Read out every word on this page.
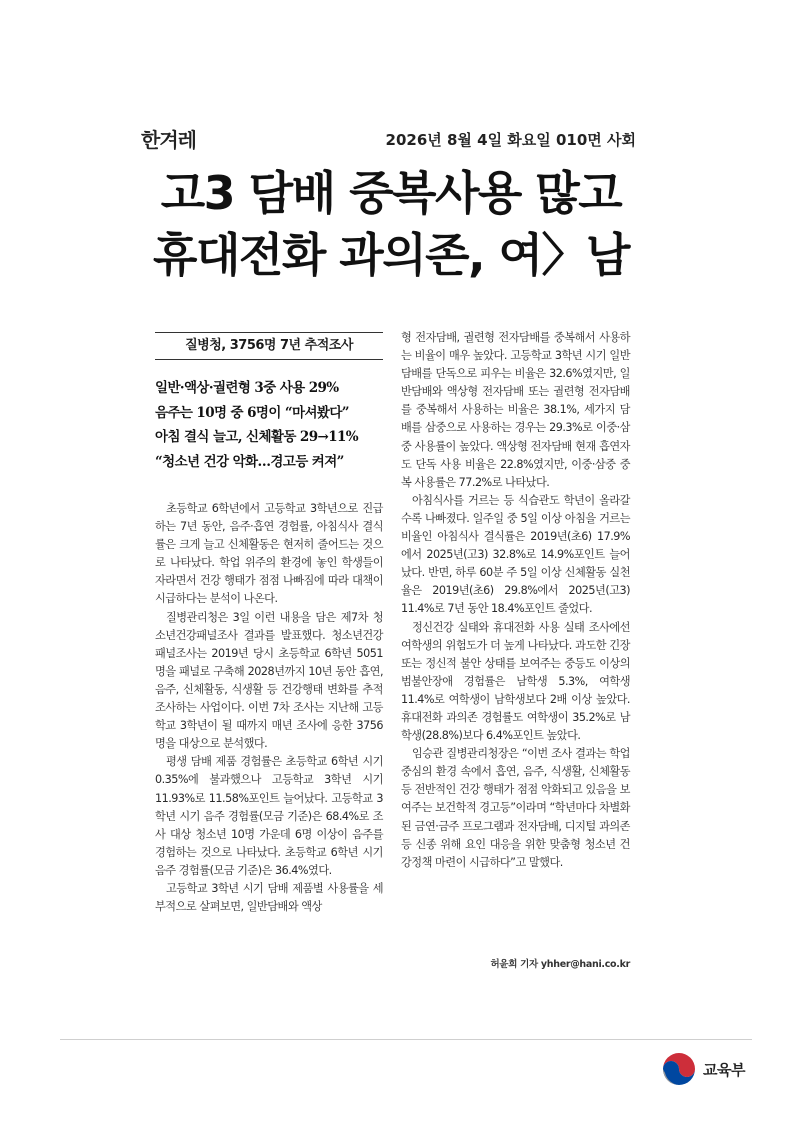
한겨레	2026년 8월 4일 화요일 010면 사회
고3 담배 중복사용 많고
휴대전화 과의존, 여〉남
질병청, 3756명 7년 추적조사
일반·액상·궐련형 3중 사용 29%
음주는 10명 중 6명이 “마셔봤다”
아침 결식 늘고, 신체활동 29→11%
“청소년 건강 악화…경고등 켜져”

초등학교 6학년에서 고등학교 3학년으로 진급하는 7년 동안, 음주·흡연 경험률, 아침식사 결식률은 크게 늘고 신체활동은 현저히 줄어드는 것으로 나타났다. 학업 위주의 환경에 놓인 학생들이 자라면서 건강 행태가 점점 나빠짐에 따라 대책이 시급하다는 분석이 나온다.

질병관리청은 3일 이런 내용을 담은 제7차 청소년건강패널조사 결과를 발표했다. 청소년건강패널조사는 2019년 당시 초등학교 6학년 5051명을 패널로 구축해 2028년까지 10년 동안 흡연, 음주, 신체활동, 식생활 등 건강행태 변화를 추적조사하는 사업이다. 이번 7차 조사는 지난해 고등학교 3학년이 될 때까지 매년 조사에 응한 3756명을 대상으로 분석했다.

평생 담배 제품 경험률은 초등학교 6학년 시기 0.35%에 불과했으나 고등학교 3학년 시기 11.93%로 11.58%포인트 늘어났다. 고등학교 3학년 시기 음주 경험률(모금 기준)은 68.4%로 조사 대상 청소년 10명 가운데 6명 이상이 음주를 경험하는 것으로 나타났다. 초등학교 6학년 시기 음주 경험률(모금 기준)은 36.4%였다.

고등학교 3학년 시기 담배 제품별 사용률을 세부적으로 살펴보면, 일반담배와 액상

형 전자담배, 궐련형 전자담배를 중복해서 사용하는 비율이 매우 높았다. 고등학교 3학년 시기 일반담배를 단독으로 피우는 비율은 32.6%였지만, 일반담배와 액상형 전자담배 또는 궐련형 전자담배를 중복해서 사용하는 비율은 38.1%, 세가지 담배를 삼중으로 사용하는 경우는 29.3%로 이중·삼중 사용률이 높았다. 액상형 전자담배 현재 흡연자도 단독 사용 비율은 22.8%였지만, 이중·삼중 중복 사용률은 77.2%로 나타났다.

아침식사를 거르는 등 식습관도 학년이 올라갈수록 나빠졌다. 일주일 중 5일 이상 아침을 거르는 비율인 아침식사 결식률은 2019년(초6) 17.9%에서 2025년(고3) 32.8%로 14.9%포인트 늘어났다. 반면, 하루 60분 주 5일 이상 신체활동 실천율은 2019년(초6) 29.8%에서 2025년(고3) 11.4%로 7년 동안 18.4%포인트 줄었다.

정신건강 실태와 휴대전화 사용 실태 조사에선 여학생의 위험도가 더 높게 나타났다. 과도한 긴장 또는 정신적 불안 상태를 보여주는 중등도 이상의 범불안장애 경험률은 남학생 5.3%, 여학생 11.4%로 여학생이 남학생보다 2배 이상 높았다. 휴대전화 과의존 경험률도 여학생이 35.2%로 남학생(28.8%)보다 6.4%포인트 높았다.

임승관 질병관리청장은 “이번 조사 결과는 학업 중심의 환경 속에서 흡연, 음주, 식생활, 신체활동 등 전반적인 건강 행태가 점점 악화되고 있음을 보여주는 보건학적 경고등”이라며 “학년마다 차별화된 금연·금주 프로그램과 전자담배, 디지털 과의존 등 신종 위해 요인 대응을 위한 맞춤형 청소년 건강정책 마련이 시급하다”고 말했다.

허윤희 기자 yhher@hani.co.kr
교육부
